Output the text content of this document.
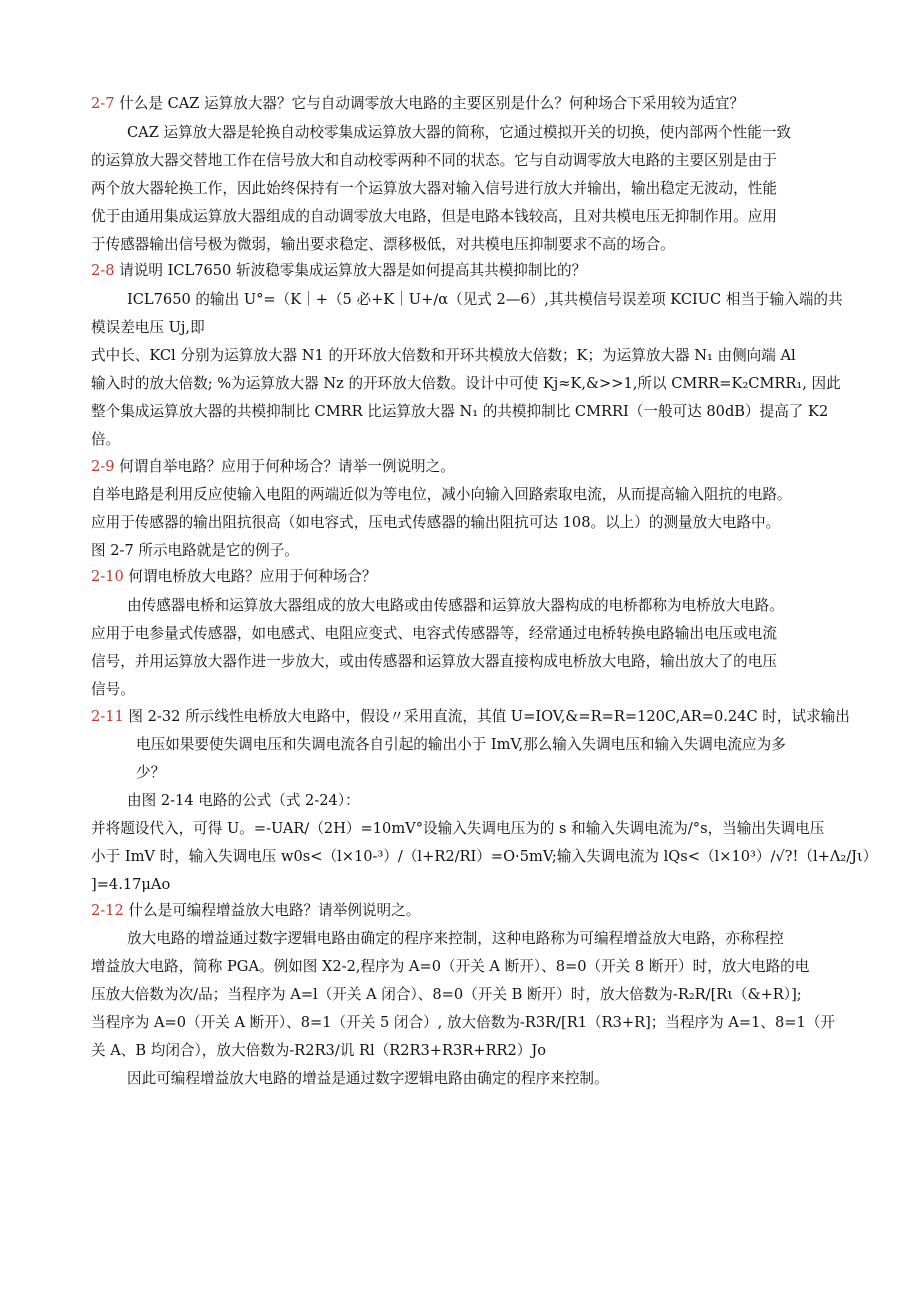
2-7 什么是 CAZ 运算放大器？它与自动调零放大电路的主要区别是什么？何种场合下采用较为适宜？
CAZ 运算放大器是轮换自动校零集成运算放大器的简称，它通过模拟开关的切换，使内部两个性能一致
的运算放大器交替地工作在信号放大和自动校零两种不同的状态。它与自动调零放大电路的主要区别是由于
两个放大器轮换工作，因此始终保持有一个运算放大器对输入信号进行放大并输出，输出稳定无波动，性能
优于由通用集成运算放大器组成的自动调零放大电路，但是电路本钱较高，且对共模电压无抑制作用。应用
于传感器输出信号极为微弱，输出要求稳定、漂移极低，对共模电压抑制要求不高的场合。
2-8 请说明 ICL7650 斩波稳零集成运算放大器是如何提高其共模抑制比的？
ICL7650 的输出 U°=（K｜+（5 必+K｜U+∕α（见式 2—6）,其共模信号误差项 KCIUC 相当于输入端的共
模误差电压 Uj,即
式中长、KCl 分别为运算放大器 N1 的开环放大倍数和开环共模放大倍数；K；为运算放大器 N₁ 由侧向端 Al
输入时的放大倍数; %为运算放大器 Nz 的开环放大倍数。设计中可使 Kj≈K,&>>1,所以 CMRR=K₂CMRR₁, 因此
整个集成运算放大器的共模抑制比 CMRR 比运算放大器 N₁ 的共模抑制比 CMRRI（一般可达 80dB）提高了 K2
倍。
2-9 何谓自举电路？应用于何种场合？请举一例说明之。
自举电路是利用反应使输入电阻的两端近似为等电位，减小向输入回路索取电流，从而提高输入阻抗的电路。
应用于传感器的输出阻抗很高（如电容式，压电式传感器的输出阻抗可达 108。以上）的测量放大电路中。
图 2-7 所示电路就是它的例子。
2-10 何谓电桥放大电路？应用于何种场合？
由传感器电桥和运算放大器组成的放大电路或由传感器和运算放大器构成的电桥都称为电桥放大电路。
应用于电参量式传感器，如电感式、电阻应变式、电容式传感器等，经常通过电桥转换电路输出电压或电流
信号，并用运算放大器作进一步放大，或由传感器和运算放大器直接构成电桥放大电路，输出放大了的电压
信号。
2-11 图 2-32 所示线性电桥放大电路中，假设〃采用直流，其值 U=IOV,&=R=R=120C,AR=0.24C 时，试求输出
电压如果要使失调电压和失调电流各自引起的输出小于 ImV,那么输入失调电压和输入失调电流应为多
少？
由图 2-14 电路的公式（式 2-24）：
并将题设代入，可得 U。=-UAR∕（2H）=10mV°设输入失调电压为的 s 和输入失调电流为/°s，当输出失调电压
小于 ImV 时，输入失调电压 w0s<（l×10-³）/（l+R2∕RI）=O·5mV;输入失调电流为 lQs<（l×10³）∕√?!（l+Λ₂∕Jι）
]=4.17μAo
2-12 什么是可编程增益放大电路？请举例说明之。
放大电路的增益通过数字逻辑电路由确定的程序来控制，这种电路称为可编程增益放大电路，亦称程控
增益放大电路，简称 PGA。例如图 X2-2,程序为 A=0（开关 A 断开）、8=0（开关 8 断开）时，放大电路的电
压放大倍数为次/品；当程序为 A=l（开关 A 闭合）、8=0（开关 B 断开）时，放大倍数为-R₂R∕[Rι（&+R）];
当程序为 A=0（开关 A 断开）、8=1（开关 5 闭合）, 放大倍数为-R3R∕[R1（R3+R]；当程序为 A=1、8=1（开
关 A、B 均闭合），放大倍数为-R2R3∕讥 Rl（R2R3+R3R+RR2）Jo
因此可编程增益放大电路的增益是通过数字逻辑电路由确定的程序来控制。
